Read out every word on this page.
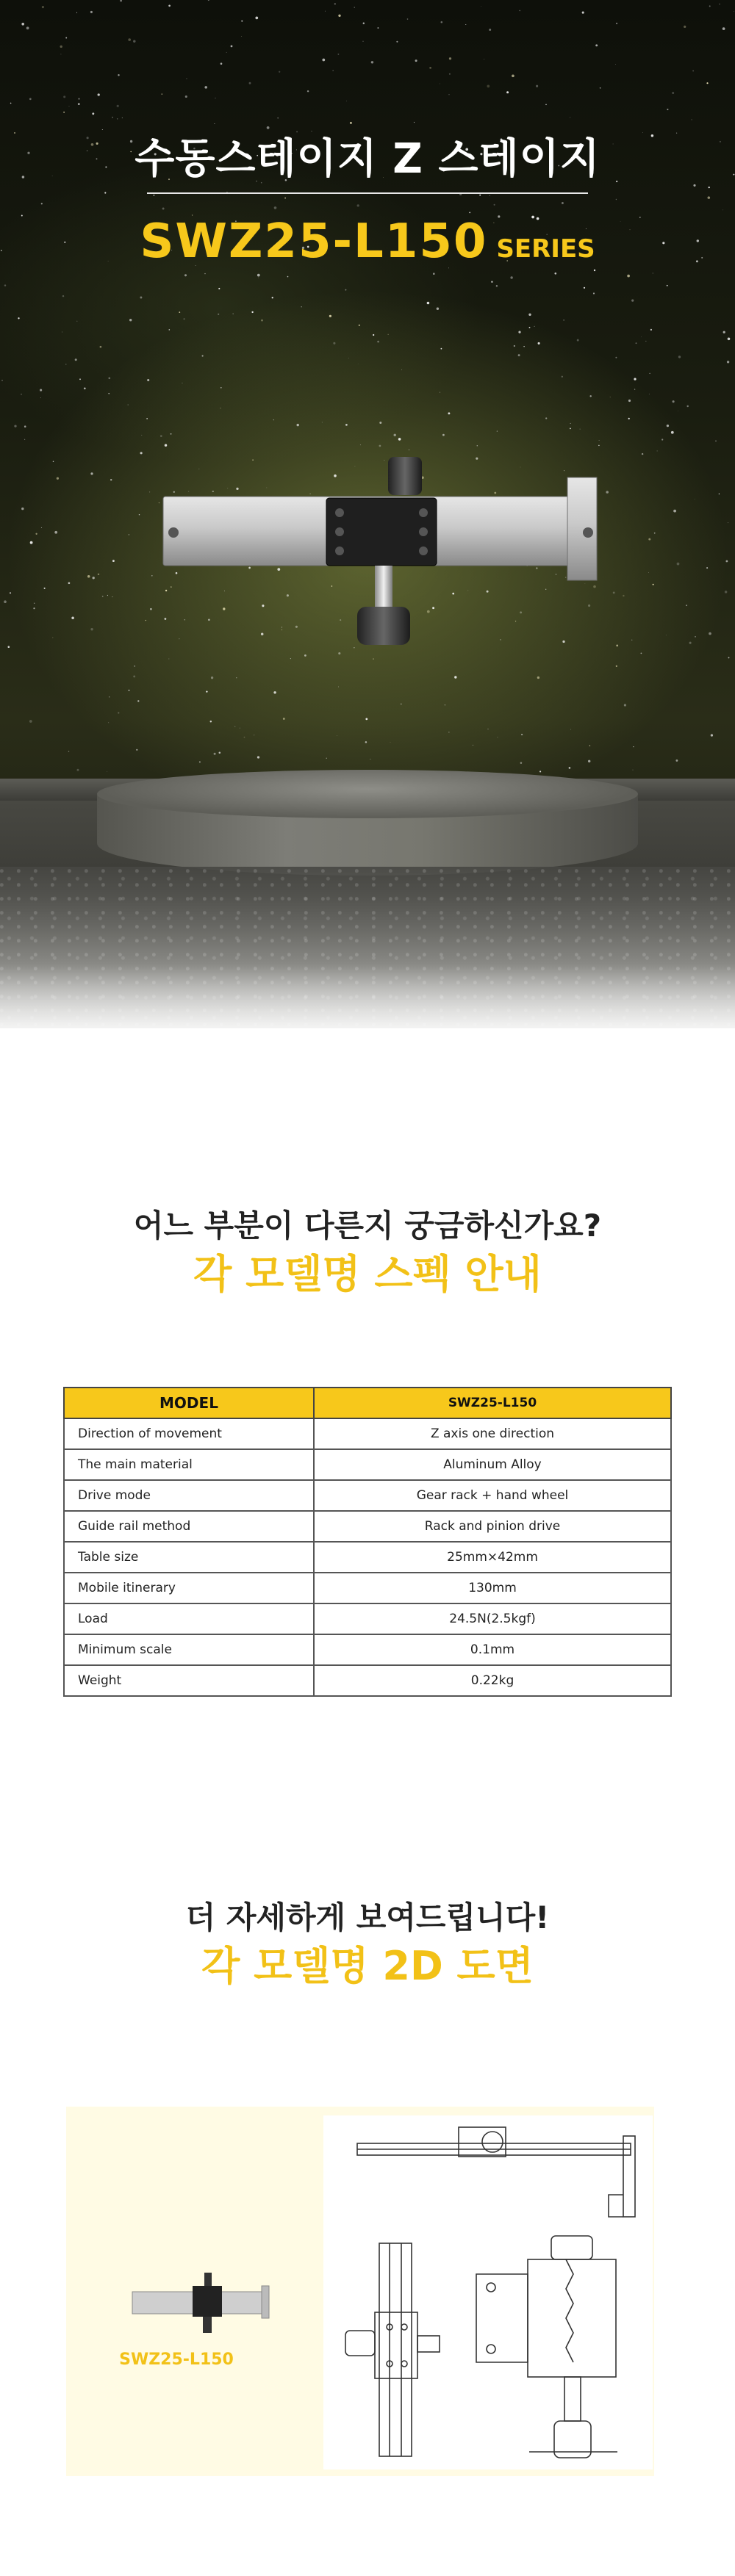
수동스테이지 Z 스테이지
SWZ25-L150 SERIES
어느 부분이 다른지 궁금하신가요?
각 모델명 스펙 안내
MODEL	SWZ25-L150
Direction of movement	Z axis one direction
The main material	Aluminum Alloy
Drive mode	Gear rack + hand wheel
Guide rail method	Rack and pinion drive
Table size	25mm×42mm
Mobile itinerary	130mm
Load	24.5N(2.5kgf)
Minimum scale	0.1mm
Weight	0.22kg
더 자세하게 보여드립니다!
각 모델명 2D 도면
SWZ25-L150
